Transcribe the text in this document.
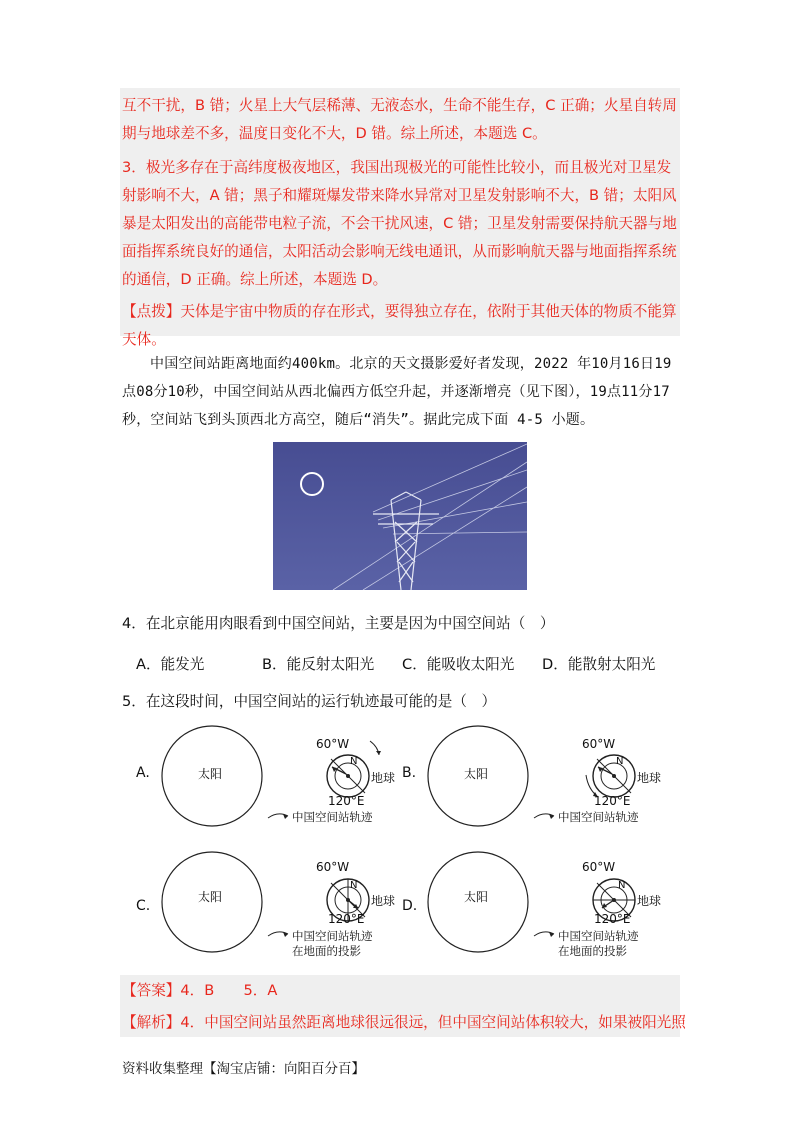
互不干扰，B 错；火星上大气层稀薄、无液态水，生命不能生存，C 正确；火星自转周期与地球差不多，温度日变化不大，D 错。综上所述，本题选 C。

3．极光多存在于高纬度极夜地区，我国出现极光的可能性比较小，而且极光对卫星发射影响不大，A 错；黑子和耀斑爆发带来降水异常对卫星发射影响不大，B 错；太阳风暴是太阳发出的高能带电粒子流，不会干扰风速，C 错；卫星发射需要保持航天器与地面指挥系统良好的通信，太阳活动会影响无线电通讯，从而影响航天器与地面指挥系统的通信，D 正确。综上所述，本题选 D。

【点拨】天体是宇宙中物质的存在形式，要得独立存在，依附于其他天体的物质不能算天体。

中国空间站距离地面约400km。北京的天文摄影爱好者发现，2022 年10月16日19点08分10秒，中国空间站从西北偏西方低空升起，并逐渐增亮（见下图），19点11分17秒，空间站飞到头顶西北方高空，随后“消失”。据此完成下面 4-5 小题。

4．在北京能用肉眼看到中国空间站，主要是因为中国空间站（　）

A．能发光	B．能反射太阳光 C．能吸收太阳光 D．能散射太阳光

5．在这段时间，中国空间站的运行轨迹最可能的是（　）

A.	太阳
60°W
N
地球
120°E
中国空间站轨迹
B.	太阳
60°W
N
地球
120°E
中国空间站轨迹
C.
太阳
60°W
N
地球
120°E
中国空间站轨迹
在地面的投影
D.
太阳
60°W
N
地球
120°E
中国空间站轨迹
在地面的投影

【答案】4．B　　5．A

【解析】4．中国空间站虽然距离地球很远很远，但中国空间站体积较大，如果被阳光照

资料收集整理【淘宝店铺：向阳百分百】
